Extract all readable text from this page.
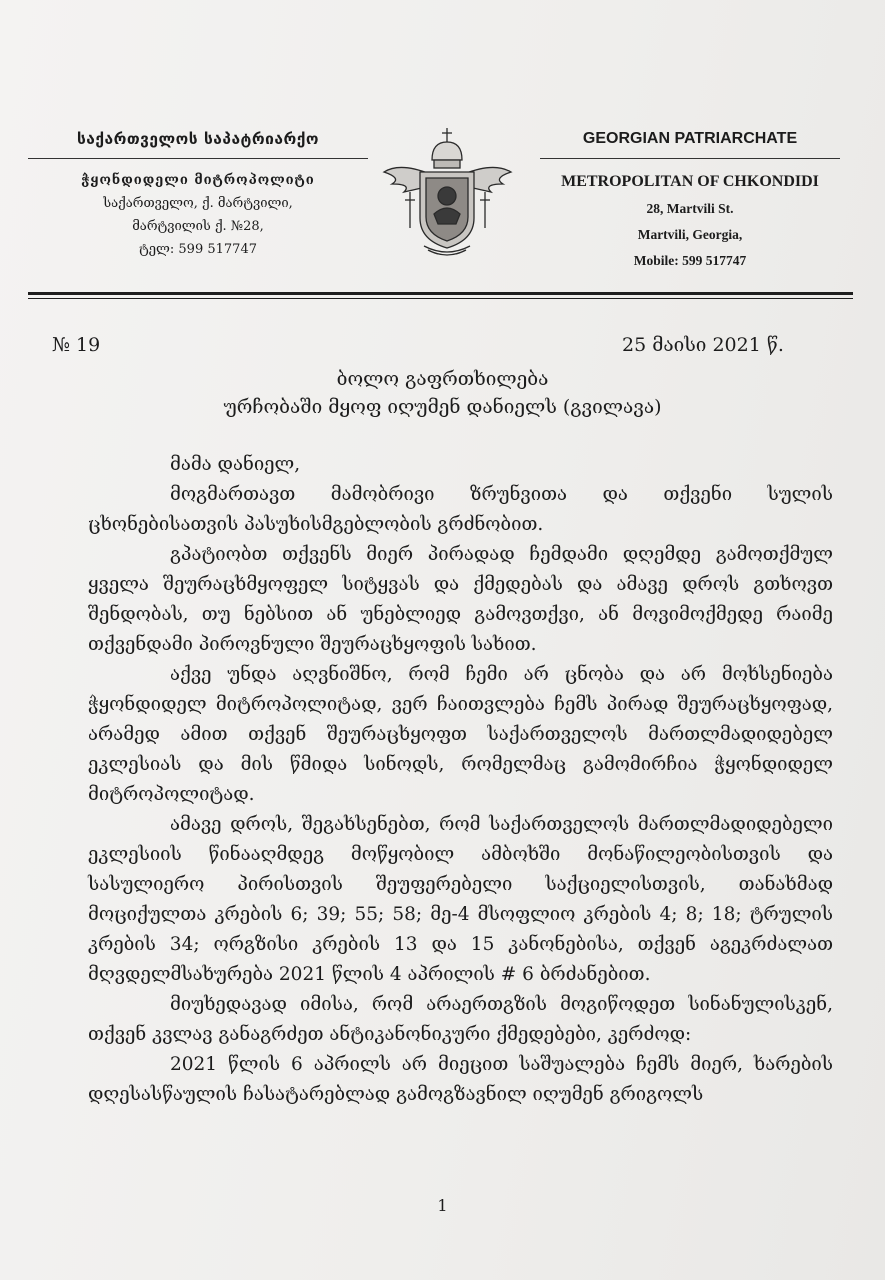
საქართველოს საპატრიარქო
ჭყონდიდელი მიტროპოლიტი
საქართველო, ქ. მარტვილი,
მარტვილის ქ. №28,
ტელ: 599 517747
GEORGIAN PATRIARCHATE
METROPOLITAN OF CHKONDIDI
28, Martvili St.
Martvili, Georgia,
Mobile: 599 517747
№ 19	25 მაისი 2021 წ.
ბოლო გაფრთხილება
ურჩობაში მყოფ იღუმენ დანიელს (გვილავა)

მამა დანიელ,

მოგმართავთ მამობრივი ზრუნვითა და თქვენი სულის ცხონებისათვის პასუხისმგებლობის გრძნობით.

გპატიობთ თქვენს მიერ პირადად ჩემდამი დღემდე გამოთქმულ ყველა შეურაცხმყოფელ სიტყვას და ქმედებას და ამავე დროს გთხოვთ შენდობას, თუ ნებსით ან უნებლიედ გამოვთქვი, ან მოვიმოქმედე რაიმე თქვენდამი პიროვნული შეურაცხყოფის სახით.

აქვე უნდა აღვნიშნო, რომ ჩემი არ ცნობა და არ მოხსენიება ჭყონდიდელ მიტროპოლიტად, ვერ ჩაითვლება ჩემს პირად შეურაცხყოფად, არამედ ამით თქვენ შეურაცხყოფთ საქართველოს მართლმადიდებელ ეკლესიას და მის წმიდა სინოდს, რომელმაც გამომირჩია ჭყონდიდელ მიტროპოლიტად.

ამავე დროს, შეგახსენებთ, რომ საქართველოს მართლმადიდებელი ეკლესიის წინააღმდეგ მოწყობილ ამბოხში მონაწილეობისთვის და სასულიერო პირისთვის შეუფერებელი საქციელისთვის, თანახმად მოციქულთა კრების 6; 39; 55; 58; მე-4 მსოფლიო კრების 4; 8; 18; ტრულის კრების 34; ორგზისი კრების 13 და 15 კანონებისა, თქვენ აგეკრძალათ მღვდელმსახურება 2021 წლის 4 აპრილის # 6 ბრძანებით.

მიუხედავად იმისა, რომ არაერთგზის მოგიწოდეთ სინანულისკენ, თქვენ კვლავ განაგრძეთ ანტიკანონიკური ქმედებები, კერძოდ:

2021 წლის 6 აპრილს არ მიეცით საშუალება ჩემს მიერ, ხარების დღესასწაულის ჩასატარებლად გამოგზავნილ იღუმენ გრიგოლს

1
